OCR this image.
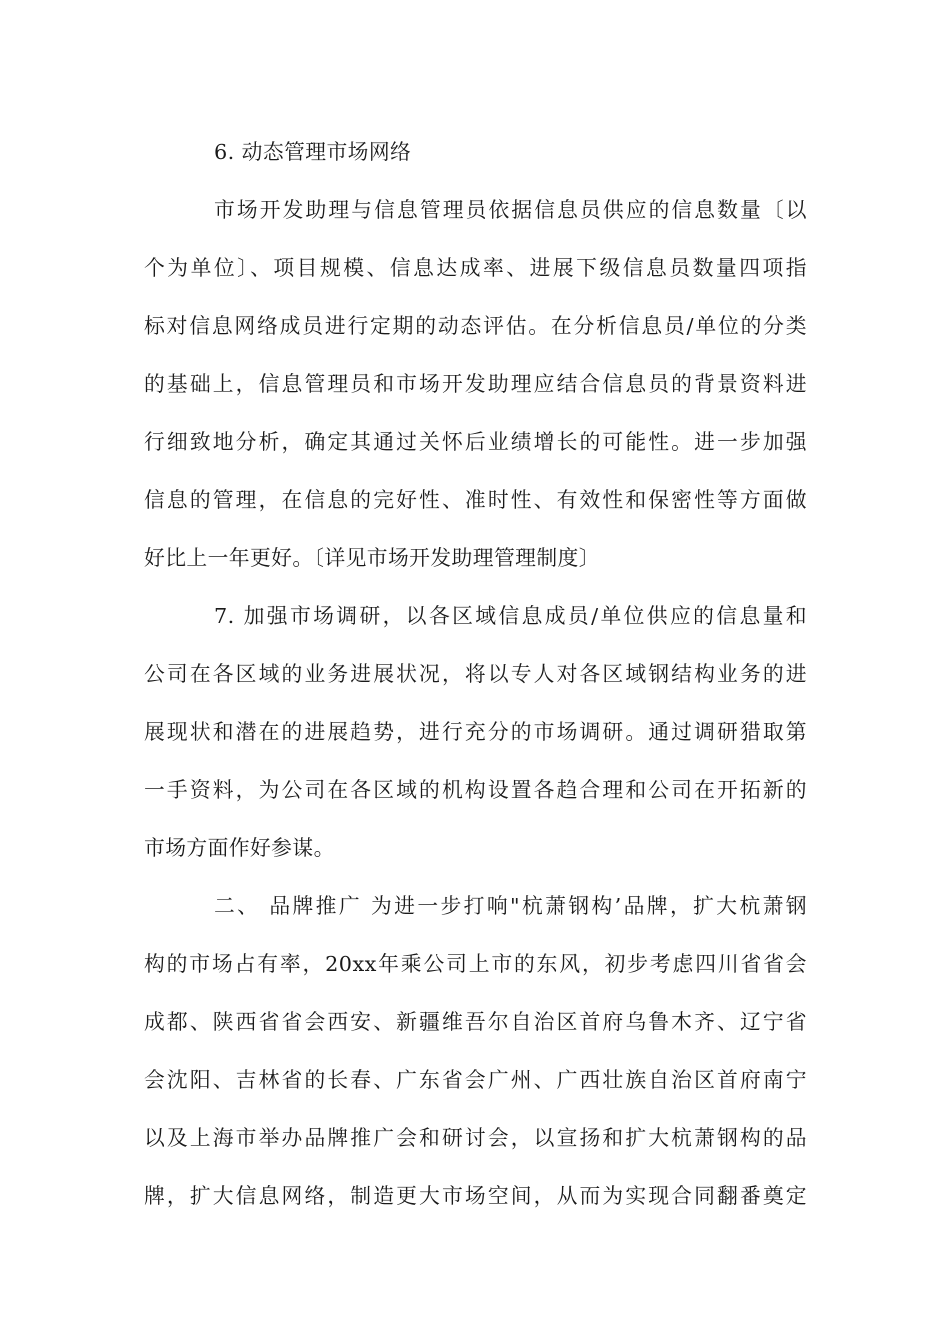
6. 动态管理市场网络
市场开发助理与信息管理员依据信息员供应的信息数量〔以
个为单位〕、项目规模、信息达成率、进展下级信息员数量四项指
标对信息网络成员进行定期的动态评估。在分析信息员/单位的分类
的基础上，信息管理员和市场开发助理应结合信息员的背景资料进
行细致地分析，确定其通过关怀后业绩增长的可能性。进一步加强
信息的管理，在信息的完好性、准时性、有效性和保密性等方面做
好比上一年更好。〔详见市场开发助理管理制度〕
7. 加强市场调研，以各区域信息成员/单位供应的信息量和
公司在各区域的业务进展状况，将以专人对各区域钢结构业务的进
展现状和潜在的进展趋势，进行充分的市场调研。通过调研猎取第
一手资料，为公司在各区域的机构设置各趋合理和公司在开拓新的
市场方面作好参谋。
二、 品牌推广 为进一步打响"杭萧钢构’品牌，扩大杭萧钢
构的市场占有率，20xx年乘公司上市的东风，初步考虑四川省省会
成都、陕西省省会西安、新疆维吾尔自治区首府乌鲁木齐、辽宁省
会沈阳、吉林省的长春、广东省会广州、广西壮族自治区首府南宁
以及上海市举办品牌推广会和研讨会，以宣扬和扩大杭萧钢构的品
牌，扩大信息网络，制造更大市场空间，从而为实现合同翻番奠定
